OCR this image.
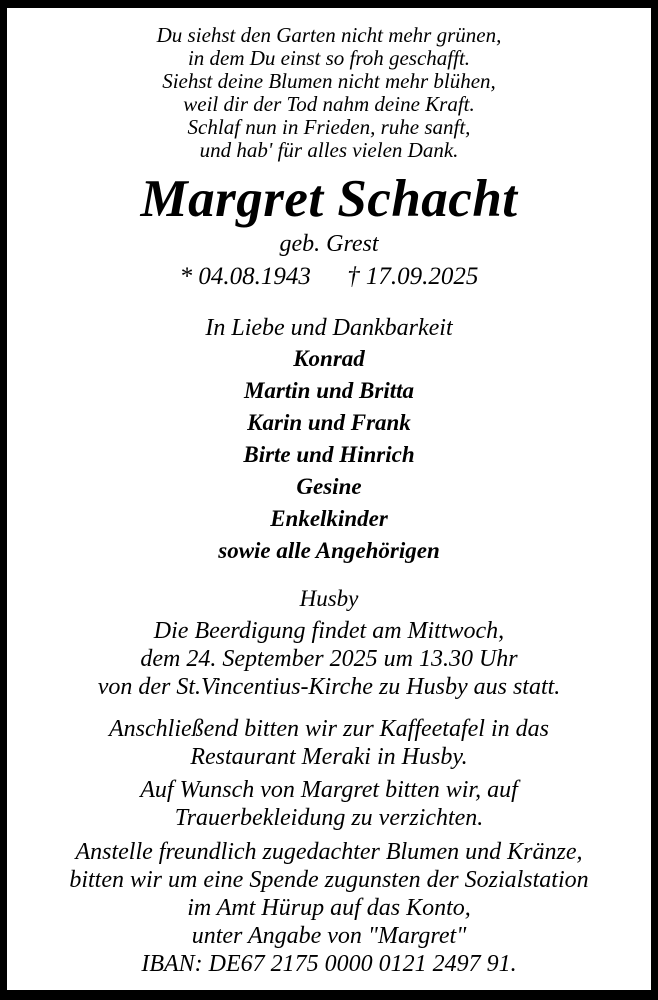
Du siehst den Garten nicht mehr grünen,
in dem Du einst so froh geschafft.
Siehst deine Blumen nicht mehr blühen,
weil dir der Tod nahm deine Kraft.
Schlaf nun in Frieden, ruhe sanft,
und hab' für alles vielen Dank.
Margret Schacht
geb. Grest
* 04.08.1943 † 17.09.2025
In Liebe und Dankbarkeit
Konrad
Martin und Britta
Karin und Frank
Birte und Hinrich
Gesine
Enkelkinder
sowie alle Angehörigen
Husby
Die Beerdigung findet am Mittwoch,
dem 24. September 2025 um 13.30 Uhr
von der St.Vincentius-Kirche zu Husby aus statt.
Anschließend bitten wir zur Kaffeetafel in das
Restaurant Meraki in Husby.
Auf Wunsch von Margret bitten wir, auf
Trauerbekleidung zu verzichten.
Anstelle freundlich zugedachter Blumen und Kränze,
bitten wir um eine Spende zugunsten der Sozialstation
im Amt Hürup auf das Konto,
unter Angabe von "Margret"
IBAN: DE67 2175 0000 0121 2497 91.
